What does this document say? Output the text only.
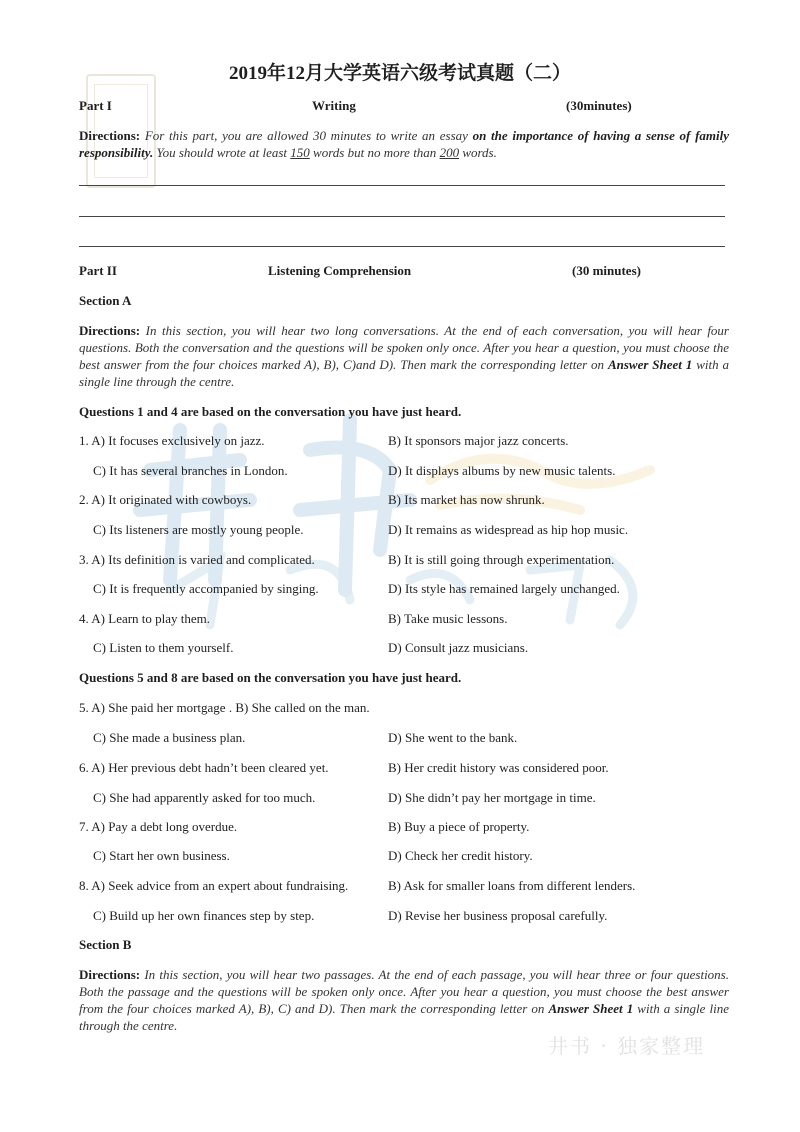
井书 · 独家整理
2019年12月大学英语六级考试真题（二）
Part I	Writing	(30minutes)
Directions: For this part, you are allowed 30 minutes to write an essay on the importance of having a sense of family responsibility. You should wrote at least 150 words but no more than 200 words.
Part II	Listening Comprehension	(30 minutes)
Section A
Directions: In this section, you will hear two long conversations. At the end of each conversation, you will hear four questions. Both the conversation and the questions will be spoken only once. After you hear a question, you must choose the best answer from the four choices marked A), B), C)and D). Then mark the corresponding letter on Answer Sheet 1 with a single line through the centre.
Questions 1 and 4 are based on the conversation you have just heard.
1. A) It focuses exclusively on jazz.	B) It sponsors major jazz concerts.
C) It has several branches in London.	D) It displays albums by new music talents.
2. A) It originated with cowboys.	B) Its market has now shrunk.
C) Its listeners are mostly young people.	D) It remains as widespread as hip hop music.
3. A) Its definition is varied and complicated.	B) It is still going through experimentation.
C) It is frequently accompanied by singing.	D) Its style has remained largely unchanged.
4. A) Learn to play them.	B) Take music lessons.
C) Listen to them yourself.	D) Consult jazz musicians.
Questions 5 and 8 are based on the conversation you have just heard.
5. A) She paid her mortgage . B) She called on the man.
C) She made a business plan.	D) She went to the bank.
6. A) Her previous debt hadn’t been cleared yet.	B) Her credit history was considered poor.
C) She had apparently asked for too much.	D) She didn’t pay her mortgage in time.
7. A) Pay a debt long overdue.	B) Buy a piece of property.
C) Start her own business.	D) Check her credit history.
8. A) Seek advice from an expert about fundraising.	B) Ask for smaller loans from different lenders.
C) Build up her own finances step by step.	D) Revise her business proposal carefully.
Section B
Directions: In this section, you will hear two passages. At the end of each passage, you will hear three or four questions. Both the passage and the questions will be spoken only once. After you hear a question, you must choose the best answer from the four choices marked A), B), C) and D). Then mark the corresponding letter on Answer Sheet 1 with a single line through the centre.
